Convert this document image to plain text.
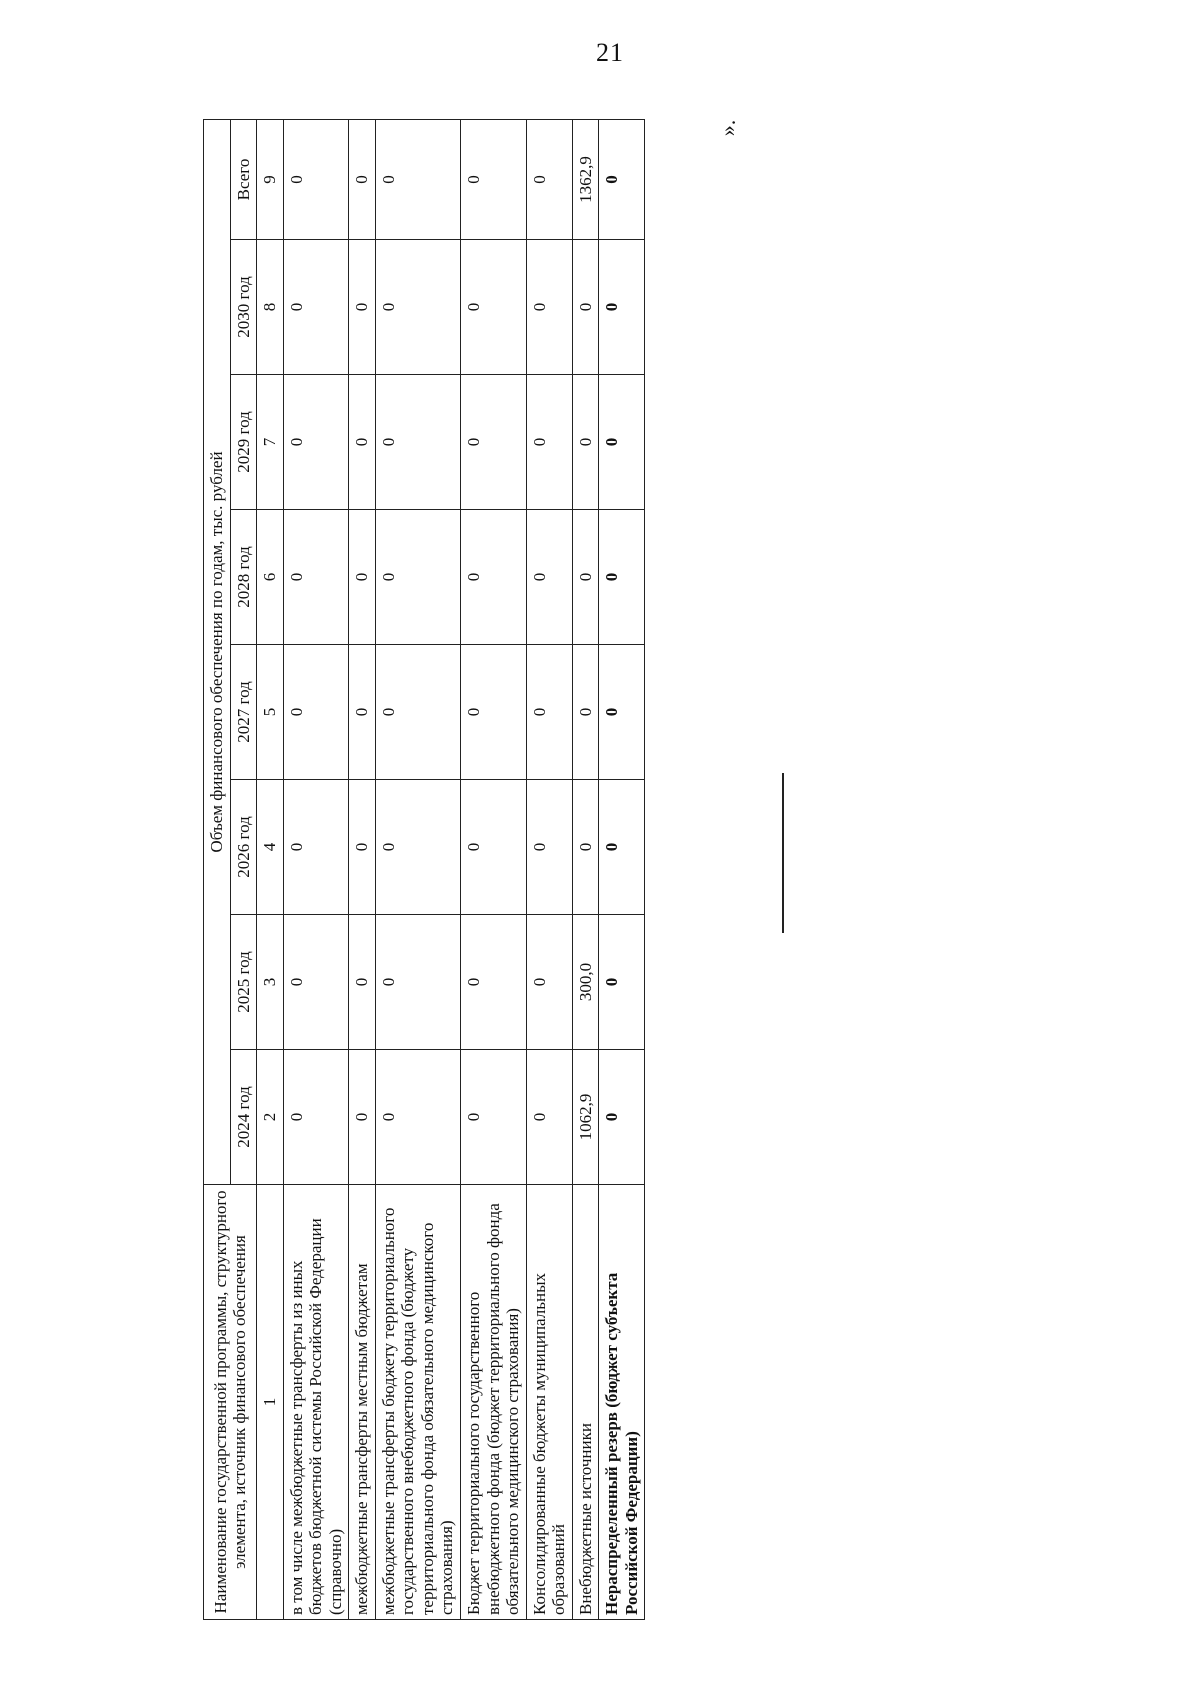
21
».
Наименование государственной программы, структурного элемента, источник финансового обеспечения	Объем финансового обеспечения по годам, тыс. рублей							
	2024 год	2025 год	2026 год	2027 год	2028 год	2029 год	2030 год	Всего
1	2	3	4	5	6	7	8	9
в том числе межбюджетные трансферты из иных бюджетов бюджетной системы Российской Федерации (справочно)	0	0	0	0	0	0	0	0
межбюджетные трансферты местным бюджетам	0	0	0	0	0	0	0	0
межбюджетные трансферты бюджету территориального государственного внебюджетного фонда (бюджету территориального фонда обязательного медицинского страхования)	0	0	0	0	0	0	0	0
Бюджет территориального государственного внебюджетного фонда (бюджет территориального фонда обязательного медицинского страхования)	0	0	0	0	0	0	0	0
Консолидированные бюджеты муниципальных образований	0	0	0	0	0	0	0	0
Внебюджетные источники	1062,9	300,0	0	0	0	0	0	1362,9
Нераспределенный резерв (бюджет субъекта Российской Федерации)	0	0	0	0	0	0	0	0
